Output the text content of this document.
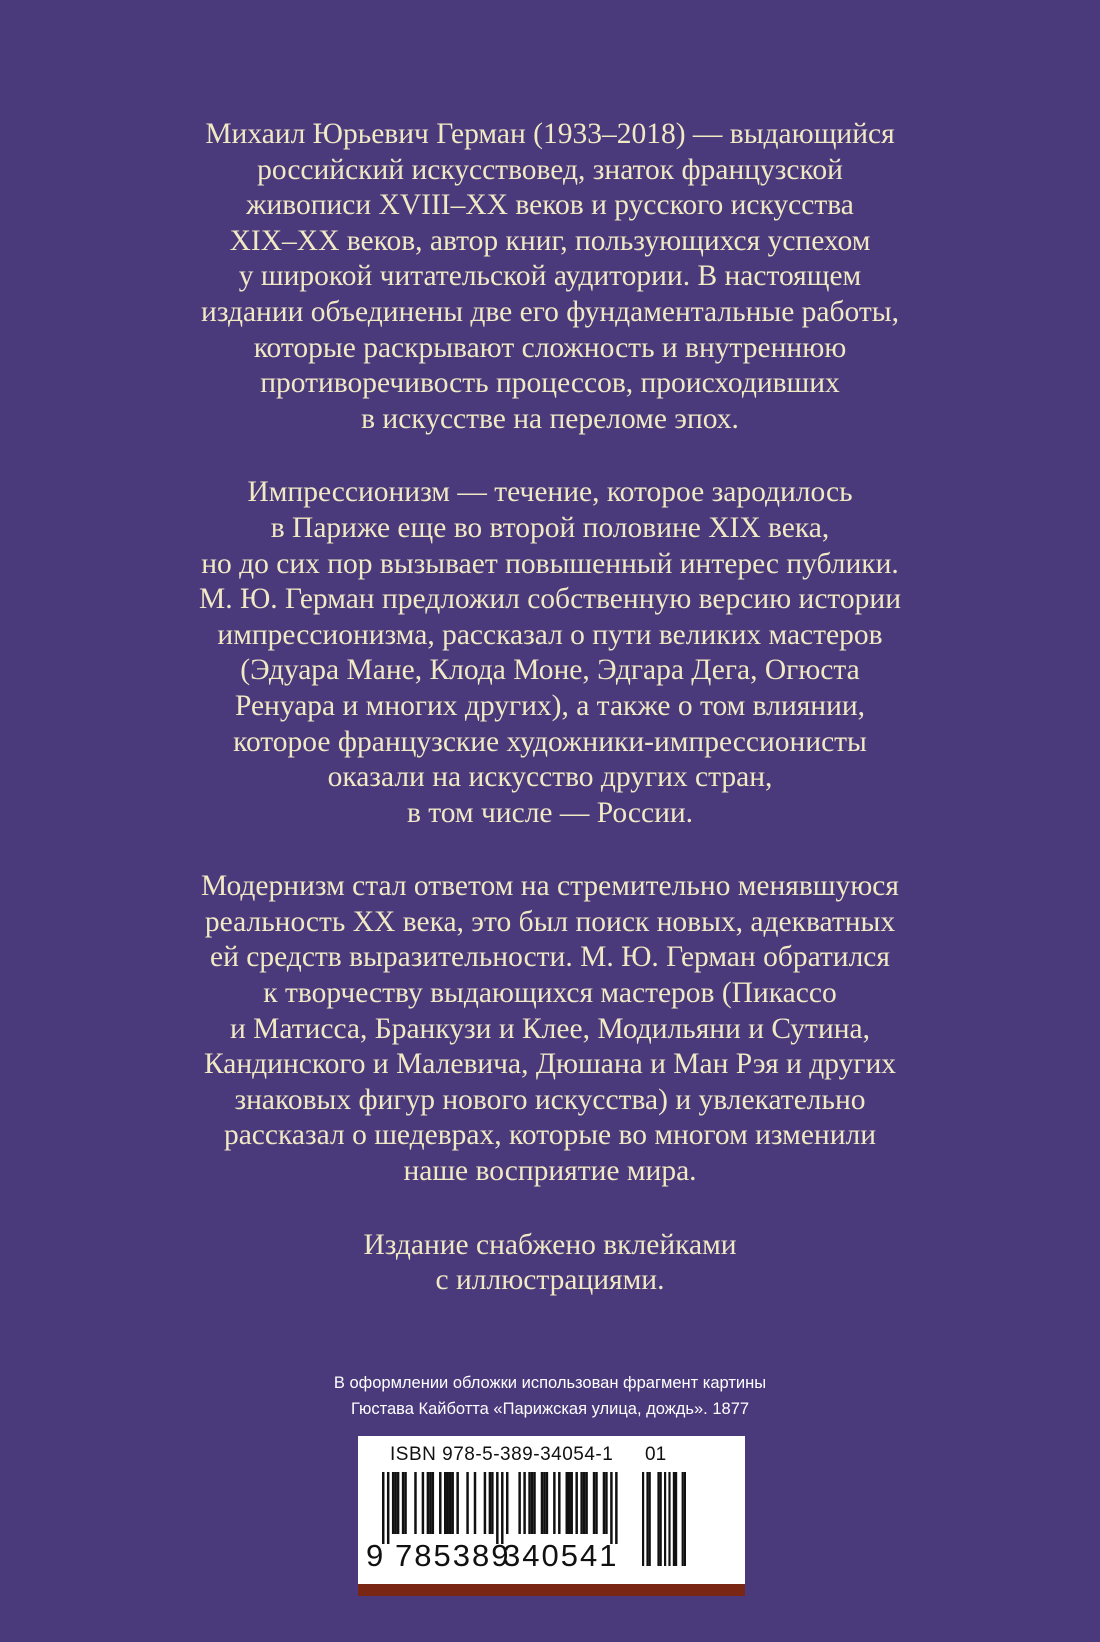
Михаил Юрьевич Герман (1933–2018) — выдающийся
российский искусствовед, знаток французской
живописи XVIII–XX веков и русского искусства
XIX–XX веков, автор книг, пользующихся успехом
у широкой читательской аудитории. В настоящем
издании объединены две его фундаментальные работы,
которые раскрывают сложность и внутреннюю
противоречивость процессов, происходивших
в искусстве на переломе эпох.

Импрессионизм — течение, которое зародилось
в Париже еще во второй половине XIX века,
но до сих пор вызывает повышенный интерес публики.
М. Ю. Герман предложил собственную версию истории
импрессионизма, рассказал о пути великих мастеров
(Эдуара Мане, Клода Моне, Эдгара Дега, Огюста
Ренуара и многих других), а также о том влиянии,
которое французские художники-импрессионисты
оказали на искусство других стран,
в том числе — России.

Модернизм стал ответом на стремительно менявшуюся
реальность XX века, это был поиск новых, адекватных
ей средств выразительности. М. Ю. Герман обратился
к творчеству выдающихся мастеров (Пикассо
и Матисса, Бранкузи и Клее, Модильяни и Сутина,
Кандинского и Малевича, Дюшана и Ман Рэя и других
знаковых фигур нового искусства) и увлекательно
рассказал о шедеврах, которые во многом изменили
наше восприятие мира.

Издание снабжено вклейками
с иллюстрациями.

В оформлении обложки использован фрагмент картины
Гюстава Кайботта «Парижская улица, дождь». 1877
ISBN 978-5-389-34054-1 01
9 785389
340541
